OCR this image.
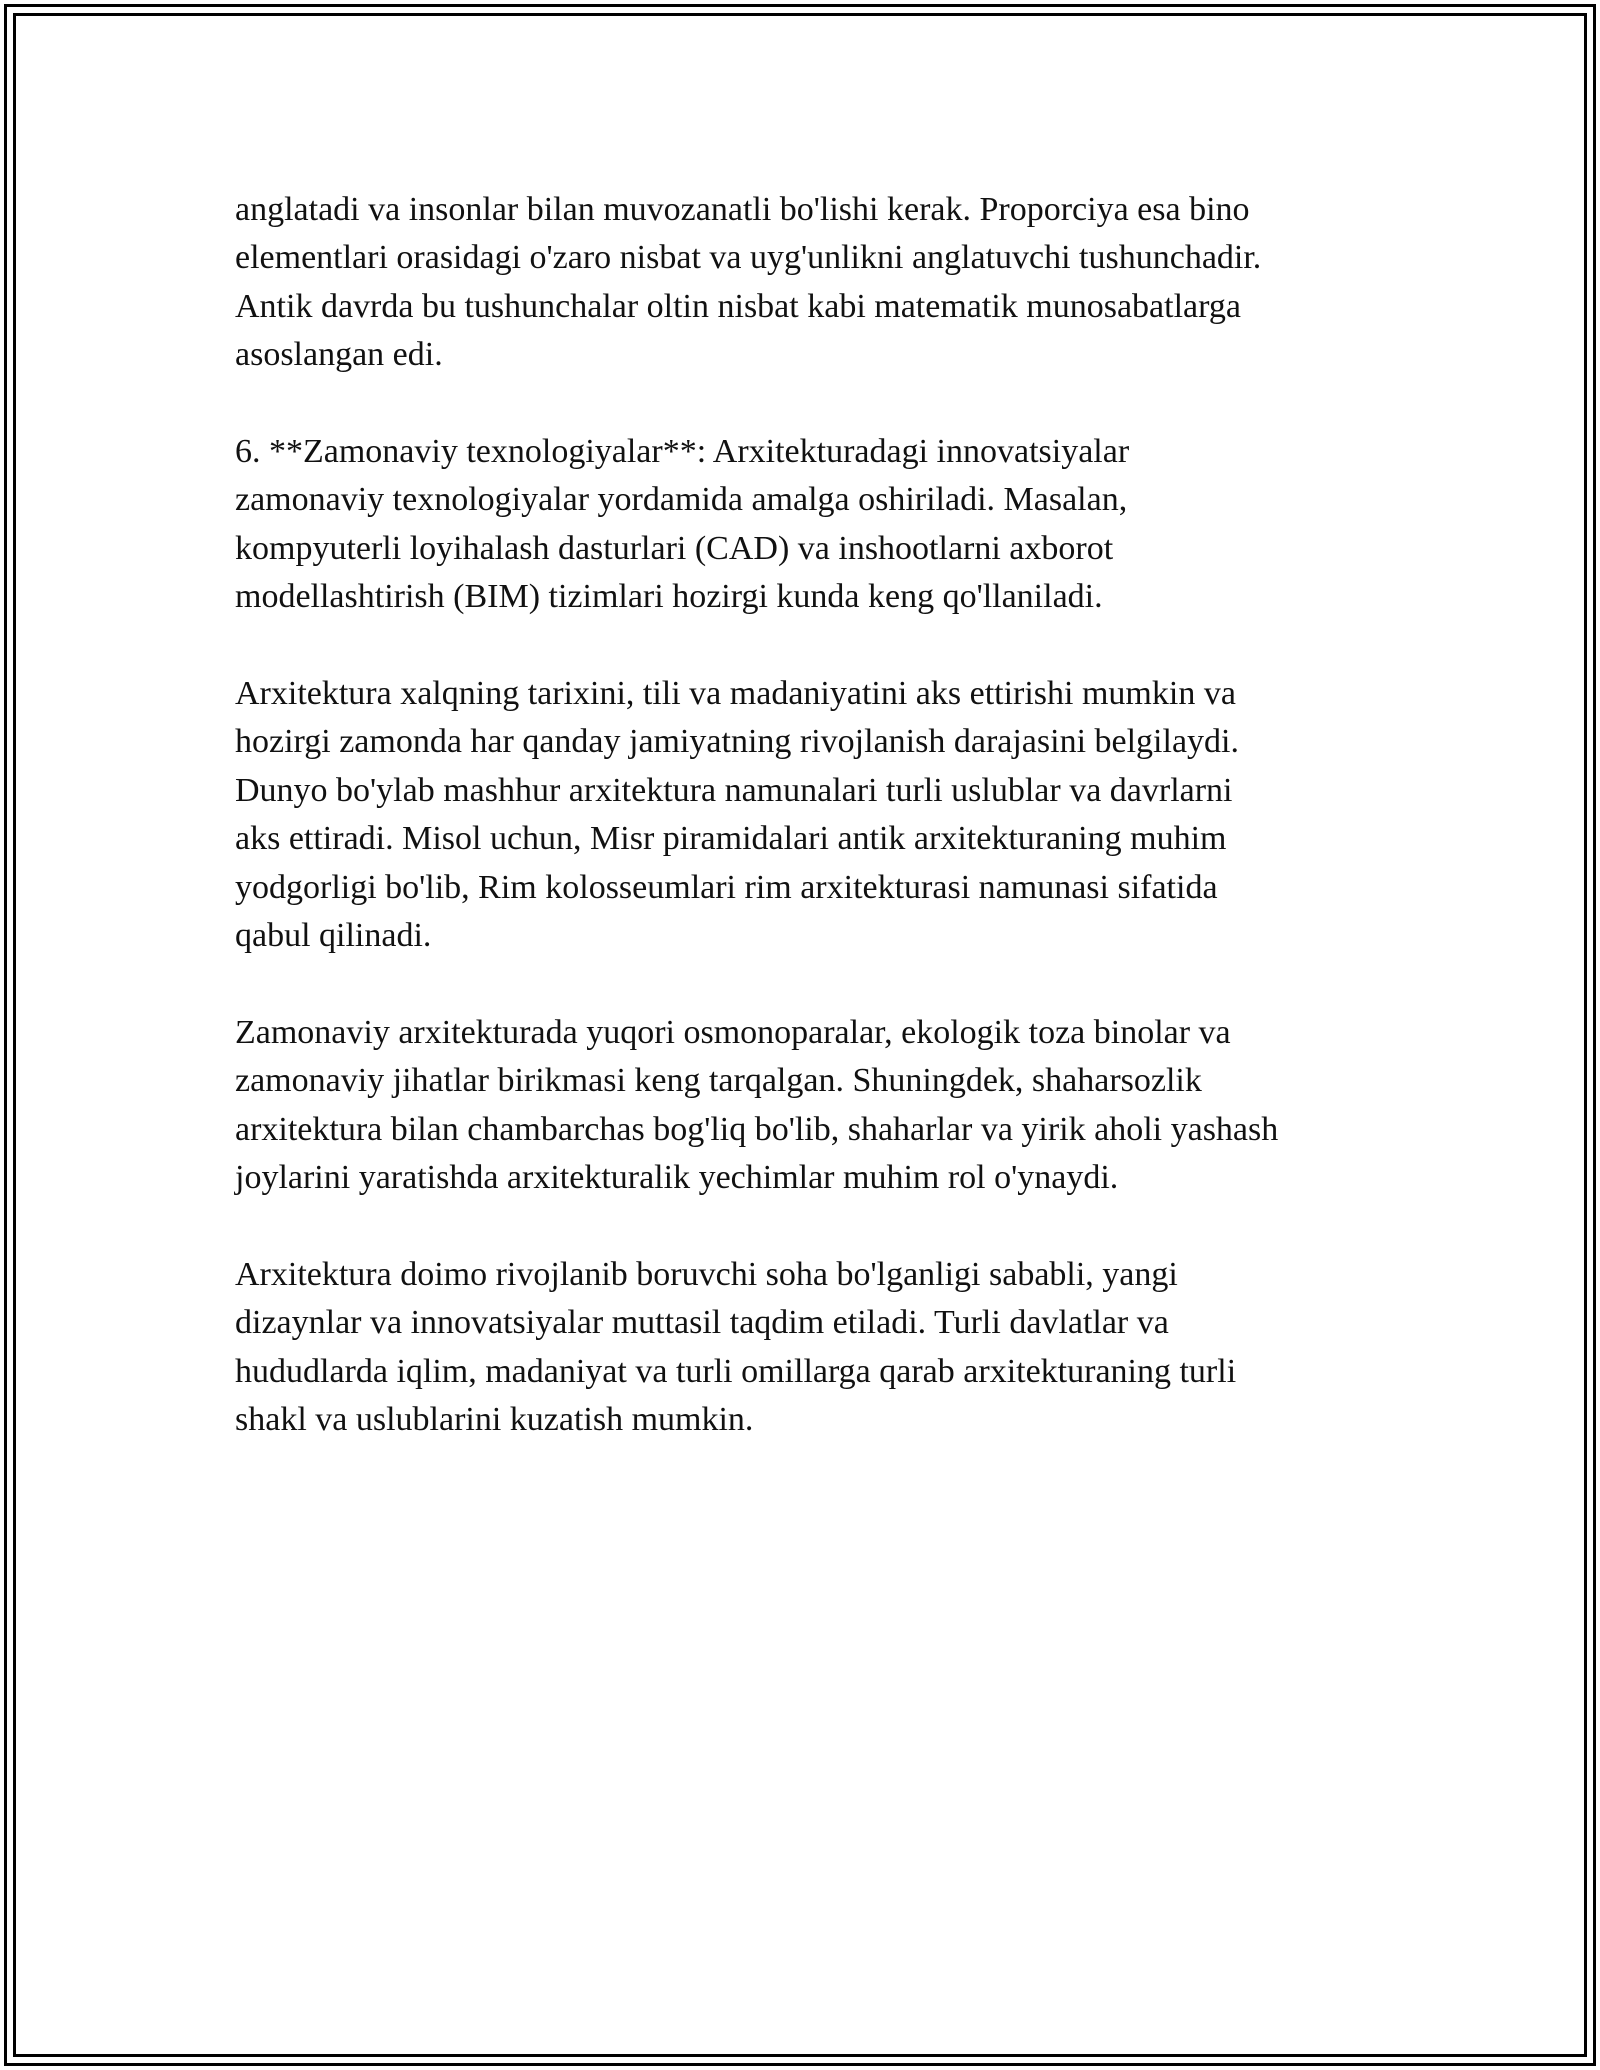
anglatadi va insonlar bilan muvozanatli bo'lishi kerak. Proporciya esa bino
elementlari orasidagi o'zaro nisbat va uyg'unlikni anglatuvchi tushunchadir.
Antik davrda bu tushunchalar oltin nisbat kabi matematik munosabatlarga
asoslangan edi.

6. **Zamonaviy texnologiyalar**: Arxitekturadagi innovatsiyalar
zamonaviy texnologiyalar yordamida amalga oshiriladi. Masalan,
kompyuterli loyihalash dasturlari (CAD) va inshootlarni axborot
modellashtirish (BIM) tizimlari hozirgi kunda keng qo'llaniladi.

Arxitektura xalqning tarixini, tili va madaniyatini aks ettirishi mumkin va
hozirgi zamonda har qanday jamiyatning rivojlanish darajasini belgilaydi.
Dunyo bo'ylab mashhur arxitektura namunalari turli uslublar va davrlarni
aks ettiradi. Misol uchun, Misr piramidalari antik arxitekturaning muhim
yodgorligi bo'lib, Rim kolosseumlari rim arxitekturasi namunasi sifatida
qabul qilinadi.

Zamonaviy arxitekturada yuqori osmonoparalar, ekologik toza binolar va
zamonaviy jihatlar birikmasi keng tarqalgan. Shuningdek, shaharsozlik
arxitektura bilan chambarchas bog'liq bo'lib, shaharlar va yirik aholi yashash
joylarini yaratishda arxitekturalik yechimlar muhim rol o'ynaydi.

Arxitektura doimo rivojlanib boruvchi soha bo'lganligi sababli, yangi
dizaynlar va innovatsiyalar muttasil taqdim etiladi. Turli davlatlar va
hududlarda iqlim, madaniyat va turli omillarga qarab arxitekturaning turli
shakl va uslublarini kuzatish mumkin.
